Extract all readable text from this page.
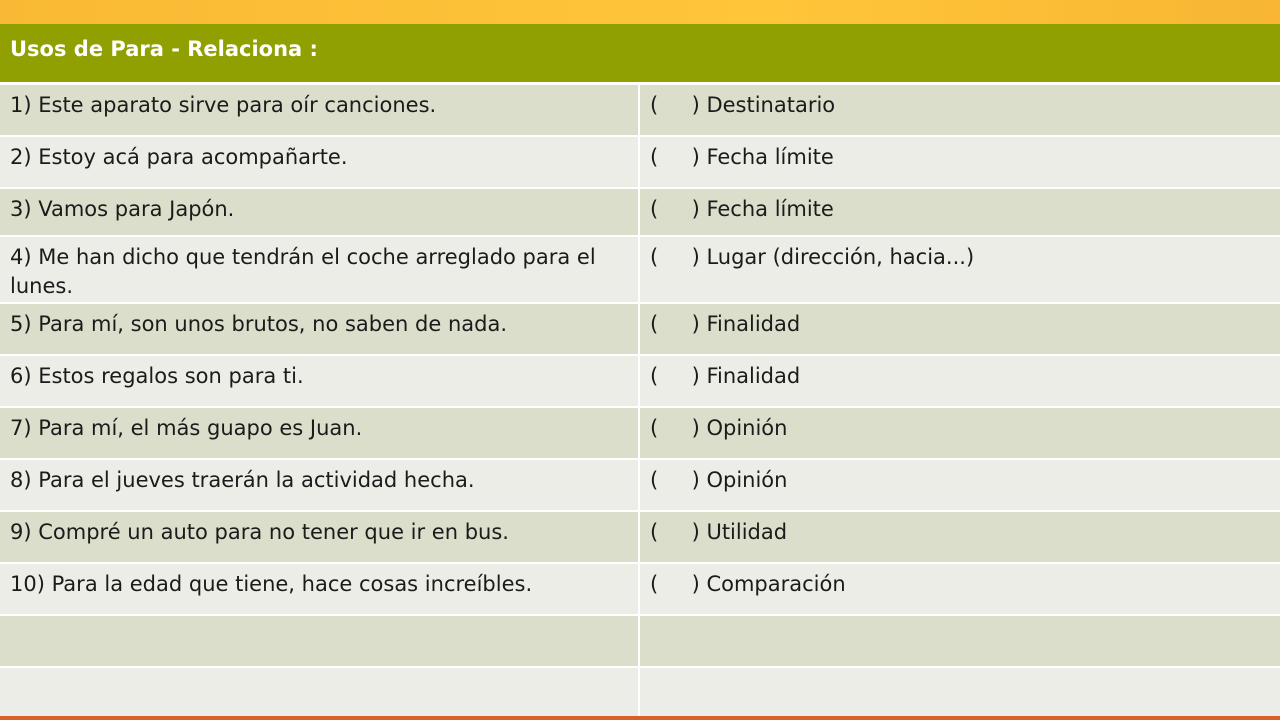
Usos de Para - Relaciona :	
1) Este aparato sirve para oír canciones.	(     ) Destinatario
2) Estoy acá para acompañarte.	(     ) Fecha límite
3) Vamos para Japón.	(     ) Fecha límite
4) Me han dicho que tendrán el coche arreglado para el lunes.	(     ) Lugar (dirección, hacia...)
5) Para mí, son unos brutos, no saben de nada.	(     ) Finalidad
6) Estos regalos son para ti.	(     ) Finalidad
7) Para mí, el más guapo es Juan.	(     ) Opinión
8) Para el jueves traerán la actividad hecha.	(     ) Opinión
9) Compré un auto para no tener que ir en bus.	(     ) Utilidad
10) Para la edad que tiene, hace cosas increíbles.	(     ) Comparación
